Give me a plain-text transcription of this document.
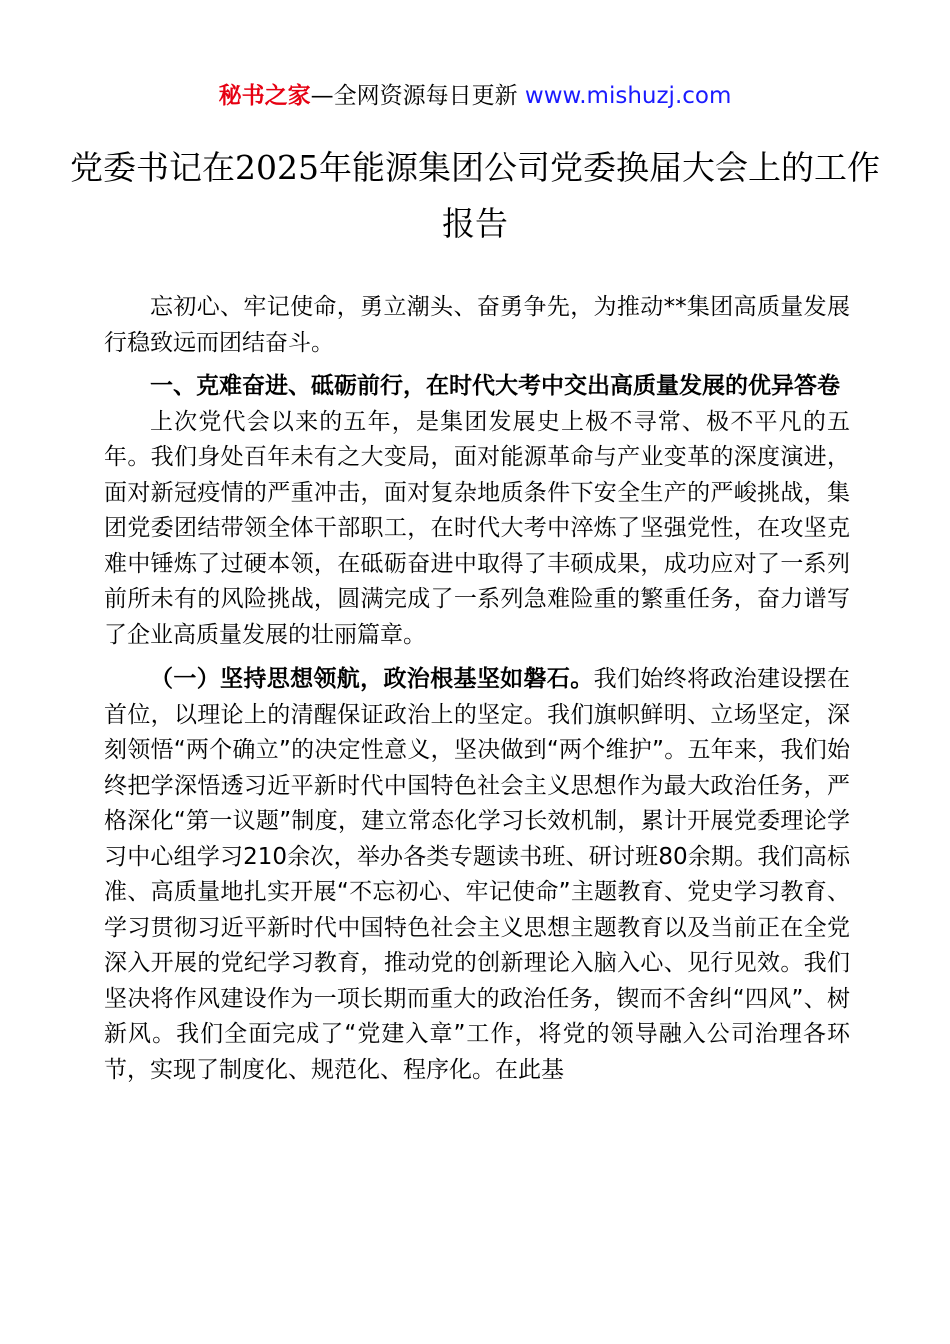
秘书之家—全网资源每日更新 www.mishuzj.com
党委书记在2025年能源集团公司党委换届大会上的工作报告

忘初心、牢记使命，勇立潮头、奋勇争先，为推动**集团高质量发展行稳致远而团结奋斗。

一、克难奋进、砥砺前行，在时代大考中交出高质量发展的优异答卷

上次党代会以来的五年，是集团发展史上极不寻常、极不平凡的五年。我们身处百年未有之大变局，面对能源革命与产业变革的深度演进，面对新冠疫情的严重冲击，面对复杂地质条件下安全生产的严峻挑战，集团党委团结带领全体干部职工，在时代大考中淬炼了坚强党性，在攻坚克难中锤炼了过硬本领，在砥砺奋进中取得了丰硕成果，成功应对了一系列前所未有的风险挑战，圆满完成了一系列急难险重的繁重任务，奋力谱写了企业高质量发展的壮丽篇章。

（一）坚持思想领航，政治根基坚如磐石。我们始终将政治建设摆在首位，以理论上的清醒保证政治上的坚定。我们旗帜鲜明、立场坚定，深刻领悟“两个确立”的决定性意义，坚决做到“两个维护”。五年来，我们始终把学深悟透习近平新时代中国特色社会主义思想作为最大政治任务，严格深化“第一议题”制度，建立常态化学习长效机制，累计开展党委理论学习中心组学习210余次，举办各类专题读书班、研讨班80余期。我们高标准、高质量地扎实开展“不忘初心、牢记使命”主题教育、党史学习教育、学习贯彻习近平新时代中国特色社会主义思想主题教育以及当前正在全党深入开展的党纪学习教育，推动党的创新理论入脑入心、见行见效。我们坚决将作风建设作为一项长期而重大的政治任务，锲而不舍纠“四风”、树新风。我们全面完成了“党建入章”工作，将党的领导融入公司治理各环节，实现了制度化、规范化、程序化。在此基
